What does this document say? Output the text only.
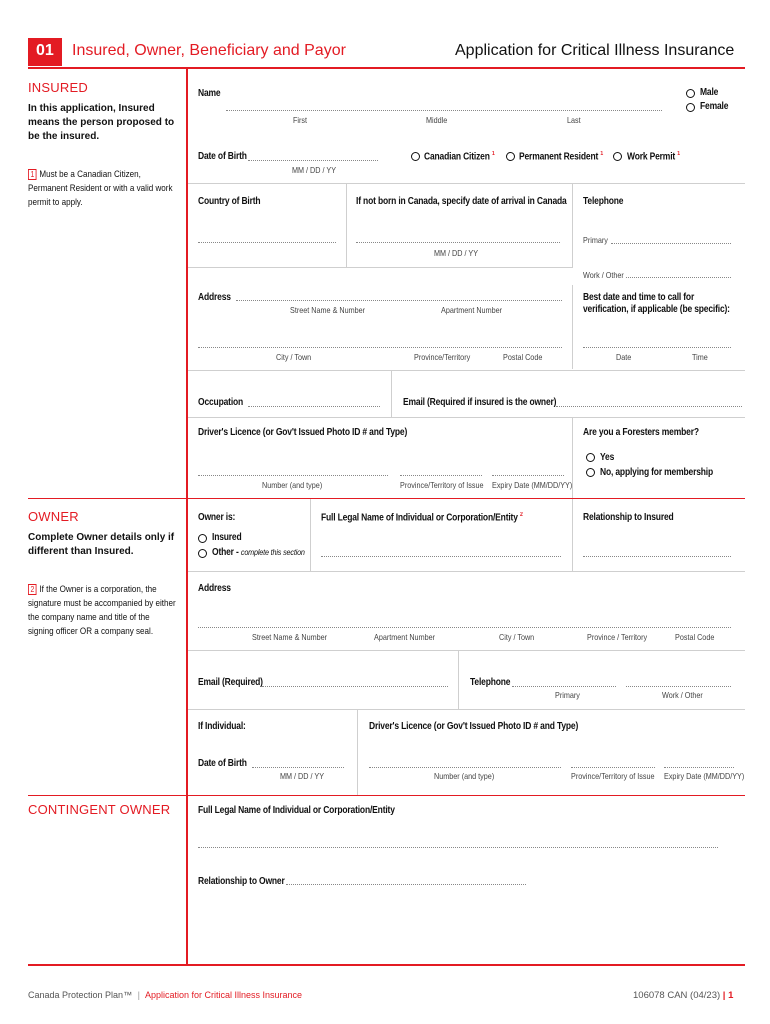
01 Insured, Owner, Beneficiary and Payor	Application for Critical Illness Insurance
INSURED
In this application, Insured means the person proposed to be the insured.
1 Must be a Canadian Citizen, Permanent Resident or with a valid work permit to apply.
Name
First	Middle	Last
Male
Female
Date of Birth
MM / DD / YY
Canadian Citizen $^1$ Permanent Resident $^1$ Work Permit $^1$
Country of Birth	If not born in Canada, specify date of arrival in Canada
MM / DD / YY
Telephone
Primary
Work / Other
Address
Street Name & Number	Apartment Number
City / Town	Province/Territory	Postal Code
Best date and time to call for verification, if applicable (be specific):
Date	Time
Occupation	Email (Required if insured is the owner)
Driver's Licence (or Gov't Issued Photo ID # and Type)
Number (and type)	Province/Territory of Issue Expiry Date (MM/DD/YY)
Are you a Foresters member?
Yes
No, applying for membership
OWNER
Complete Owner details only if different than Insured.
2 If the Owner is a corporation, the signature must be accompanied by either the company name and title of the signing officer OR a company seal.
Owner is:
Insured
Other - complete this section
Full Legal Name of Individual or Corporation/Entity $^2$	Relationship to Insured
Address
Street Name & Number	Apartment Number	City / Town	Province / Territory	Postal Code
Email (Required)	Telephone
Primary	Work / Other
If Individual:	Driver's Licence (or Gov't Issued Photo ID # and Type)
Date of Birth
MM / DD / YY	Number (and type)	Province/Territory of Issue Expiry Date (MM/DD/YY)
CONTINGENT OWNER	Full Legal Name of Individual or Corporation/Entity
Relationship to Owner
Canada Protection Plan™ | Application for Critical Illness Insurance	106078 CAN (04/23) | 1
